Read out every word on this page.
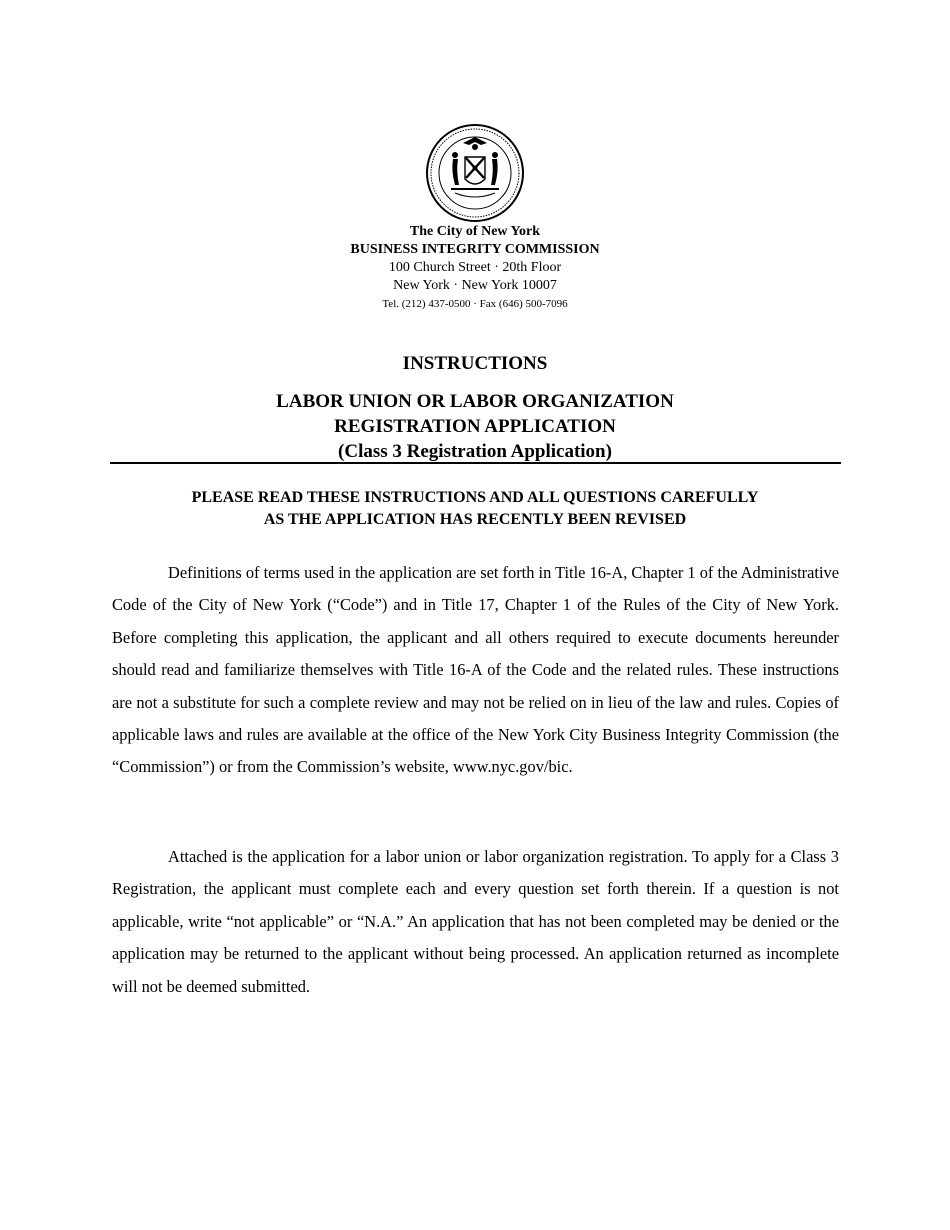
The City of New York
BUSINESS INTEGRITY COMMISSION
100 Church Street · 20th Floor
New York · New York 10007
Tel. (212) 437-0500 · Fax (646) 500-7096
INSTRUCTIONS
LABOR UNION OR LABOR ORGANIZATION
REGISTRATION APPLICATION
(Class 3 Registration Application)
PLEASE READ THESE INSTRUCTIONS AND ALL QUESTIONS CAREFULLY
AS THE APPLICATION HAS RECENTLY BEEN REVISED

Definitions of terms used in the application are set forth in Title 16-A, Chapter 1 of the Administrative Code of the City of New York (“Code”) and in Title 17, Chapter 1 of the Rules of the City of New York. Before completing this application, the applicant and all others required to execute documents hereunder should read and familiarize themselves with Title 16-A of the Code and the related rules. These instructions are not a substitute for such a complete review and may not be relied on in lieu of the law and rules. Copies of applicable laws and rules are available at the office of the New York City Business Integrity Commission (the “Commission”) or from the Commission’s website, www.nyc.gov/bic.

Attached is the application for a labor union or labor organization registration. To apply for a Class 3 Registration, the applicant must complete each and every question set forth therein. If a question is not applicable, write “not applicable” or “N.A.” An application that has not been completed may be denied or the application may be returned to the applicant without being processed. An application returned as incomplete will not be deemed submitted.
